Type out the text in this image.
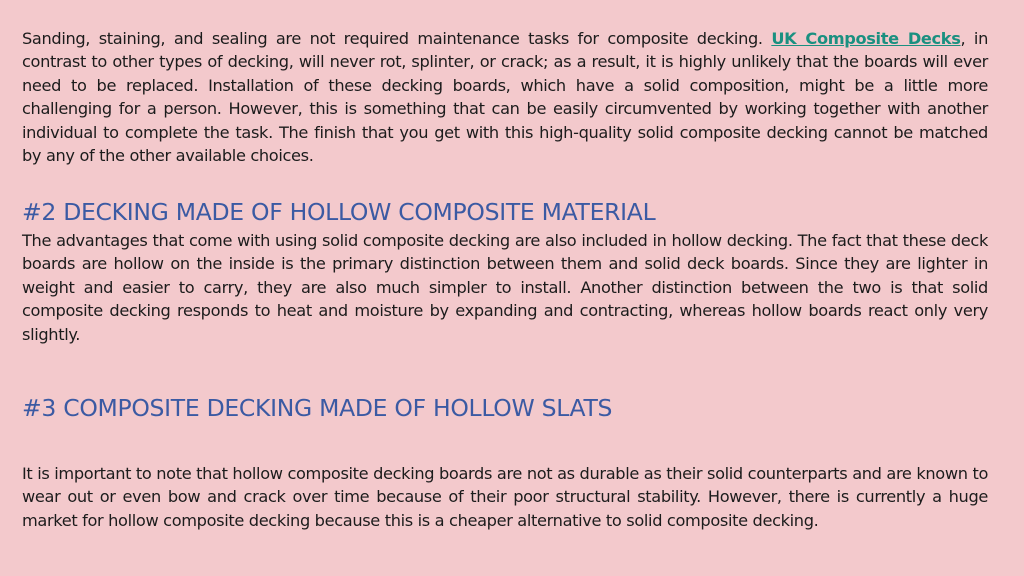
Sanding, staining, and sealing are not required maintenance tasks for composite decking. UK Composite Decks, in contrast to other types of decking, will never rot, splinter, or crack; as a result, it is highly unlikely that the boards will ever need to be replaced. Installation of these decking boards, which have a solid composition, might be a little more challenging for a person. However, this is something that can be easily circumvented by working together with another individual to complete the task. The finish that you get with this high-quality solid composite decking cannot be matched by any of the other available choices.

#2 DECKING MADE OF HOLLOW COMPOSITE MATERIAL

The advantages that come with using solid composite decking are also included in hollow decking. The fact that these deck boards are hollow on the inside is the primary distinction between them and solid deck boards. Since they are lighter in weight and easier to carry, they are also much simpler to install. Another distinction between the two is that solid composite decking responds to heat and moisture by expanding and contracting, whereas hollow boards react only very slightly.

#3 COMPOSITE DECKING MADE OF HOLLOW SLATS

It is important to note that hollow composite decking boards are not as durable as their solid counterparts and are known to wear out or even bow and crack over time because of their poor structural stability. However, there is currently a huge market for hollow composite decking because this is a cheaper alternative to solid composite decking.
